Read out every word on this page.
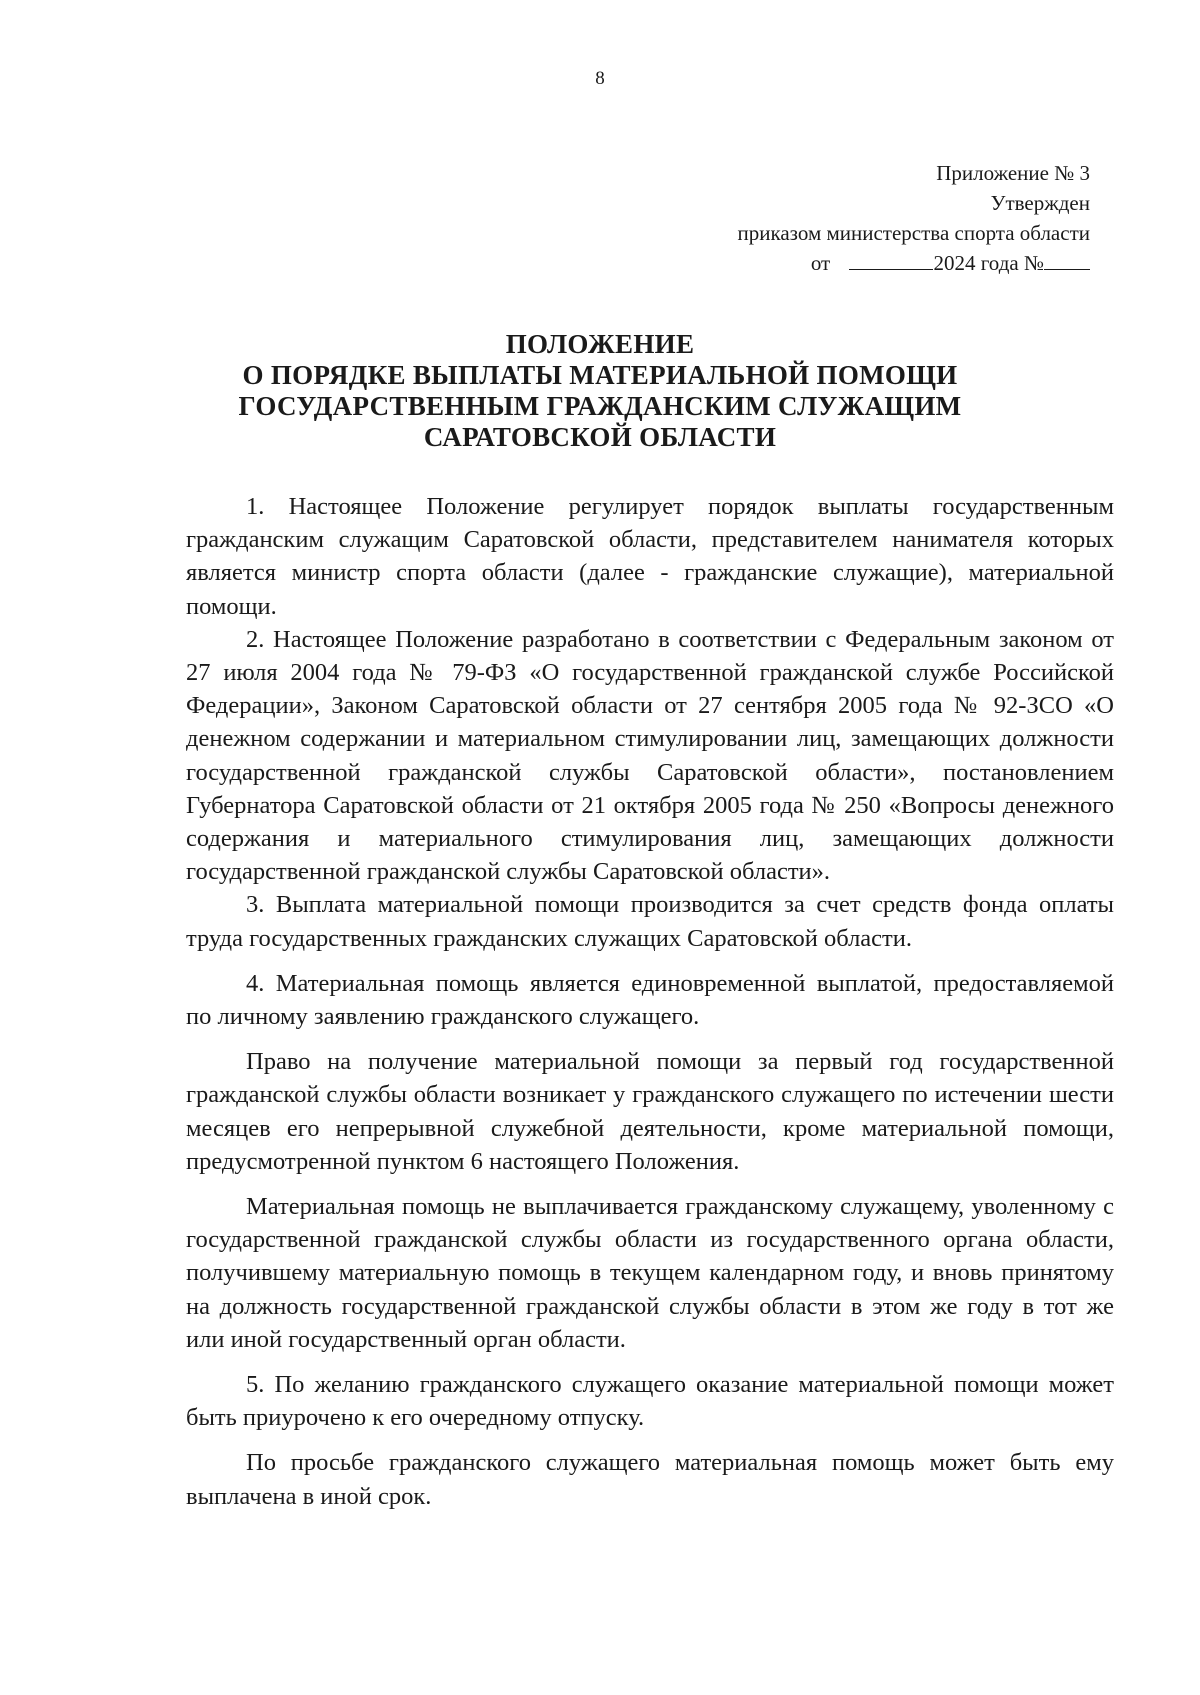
8
Приложение № 3
Утвержден
приказом министерства спорта области
от	2024 года №
ПОЛОЖЕНИЕ
О ПОРЯДКЕ ВЫПЛАТЫ МАТЕРИАЛЬНОЙ ПОМОЩИ
ГОСУДАРСТВЕННЫМ ГРАЖДАНСКИМ СЛУЖАЩИМ
САРАТОВСКОЙ ОБЛАСТИ

1. Настоящее Положение регулирует порядок выплаты государственным гражданским служащим Саратовской области, представителем нанимателя которых является министр спорта области (далее - гражданские служащие), материальной помощи.

2. Настоящее Положение разработано в соответствии с Федеральным законом от 27 июля 2004 года № 79-ФЗ «О государственной гражданской службе Российской Федерации», Законом Саратовской области от 27 сентября 2005 года № 92-ЗСО «О денежном содержании и материальном стимулировании лиц, замещающих должности государственной гражданской службы Саратовской области», постановлением Губернатора Саратовской области от 21 октября 2005 года № 250 «Вопросы денежного содержания и материального стимулирования лиц, замещающих должности государственной гражданской службы Саратовской области».

3. Выплата материальной помощи производится за счет средств фонда оплаты труда государственных гражданских служащих Саратовской области.

4. Материальная помощь является единовременной выплатой, предоставляемой по личному заявлению гражданского служащего.

Право на получение материальной помощи за первый год государственной гражданской службы области возникает у гражданского служащего по истечении шести месяцев его непрерывной служебной деятельности, кроме материальной помощи, предусмотренной пунктом 6 настоящего Положения.

Материальная помощь не выплачивается гражданскому служащему, уволенному с государственной гражданской службы области из государственного органа области, получившему материальную помощь в текущем календарном году, и вновь принятому на должность государственной гражданской службы области в этом же году в тот же или иной государственный орган области.

5. По желанию гражданского служащего оказание материальной помощи может быть приурочено к его очередному отпуску.

По просьбе гражданского служащего материальная помощь может быть ему выплачена в иной срок.
